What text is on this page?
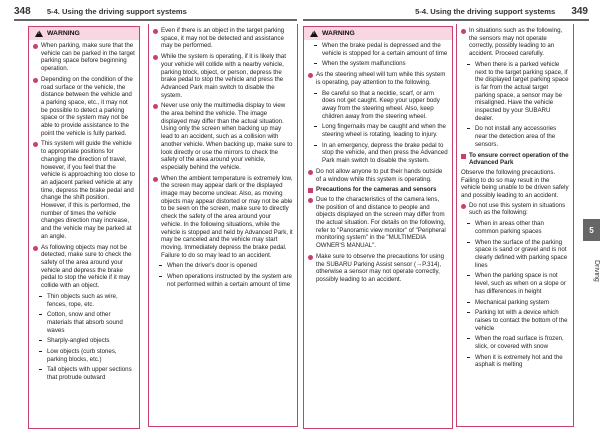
348 5-4. Using the driving support systems	5-4. Using the driving support systems 349
! WARNING
When parking, make sure that the vehicle can be parked in the target parking space before beginning operation.
Depending on the condition of the road surface or the vehicle, the distance between the vehicle and a parking space, etc., it may not be possible to detect a parking space or the system may not be able to provide assistance to the point the vehicle is fully parked.
This system will guide the vehicle to appropriate positions for changing the direction of travel, however, if you feel that the vehicle is approaching too close to an adjacent parked vehicle at any time, depress the brake pedal and change the shift position. However, if this is performed, the number of times the vehicle changes direction may increase, and the vehicle may be parked at an angle.
As following objects may not be detected, make sure to check the safety of the area around your vehicle and depress the brake pedal to stop the vehicle if it may collide with an object.
Thin objects such as wire, fences, rope, etc.
Cotton, snow and other materials that absorb sound waves
Sharply-angled objects
Low objects (curb stones, parking blocks, etc.)
Tall objects with upper sections that protrude outward
Even if there is an object in the target parking space, it may not be detected and assistance may be performed.
While the system is operating, if it is likely that your vehicle will collide with a nearby vehicle, parking block, object, or person, depress the brake pedal to stop the vehicle and press the Advanced Park main switch to disable the system.
Never use only the multimedia display to view the area behind the vehicle. The image displayed may differ than the actual situation. Using only the screen when backing up may lead to an accident, such as a collision with another vehicle. When backing up, make sure to look directly or use the mirrors to check the safety of the area around your vehicle, especially behind the vehicle.
When the ambient temperature is extremely low, the screen may appear dark or the displayed image may become unclear. Also, as moving objects may appear distorted or may not be able to be seen on the screen, make sure to directly check the safety of the area around your vehicle. In the following situations, while the vehicle is stopped and held by Advanced Park, it may be canceled and the vehicle may start moving. Immediately depress the brake pedal. Failure to do so may lead to an accident.
When the driver's door is opened
When operations instructed by the system are not performed within a certain amount of time
! WARNING
When the brake pedal is depressed and the vehicle is stopped for a certain amount of time
When the system malfunctions
As the steering wheel will turn while this system is operating, pay attention to the following.
Be careful so that a necktie, scarf, or arm does not get caught. Keep your upper body away from the steering wheel. Also, keep children away from the steering wheel.
Long fingernails may be caught and when the steering wheel is rotating, leading to injury.
In an emergency, depress the brake pedal to stop the vehicle, and then press the Advanced Park main switch to disable the system.
Do not allow anyone to put their hands outside of a window while this system is operating.
Precautions for the cameras and sensors
Due to the characteristics of the camera lens, the position of and distance to people and objects displayed on the screen may differ from the actual situation. For details on the following, refer to "Panoramic view monitor" of "Peripheral monitoring system" in the "MULTIMEDIA OWNER'S MANUAL".
Make sure to observe the precautions for using the SUBARU Parking Assist sensor (→P.314), otherwise a sensor may not operate correctly, possibly leading to an accident.
In situations such as the following, the sensors may not operate correctly, possibly leading to an accident. Proceed carefully.
When there is a parked vehicle next to the target parking space, if the displayed target parking space is far from the actual target parking space, a sensor may be misaligned. Have the vehicle inspected by your SUBARU dealer.
Do not install any accessories near the detection area of the sensors.
To ensure correct operation of the Advanced Park
Observe the following precautions.
Failing to do so may result in the vehicle being unable to be driven safely and possibly leading to an accident.
Do not use this system in situations such as the following:
When in areas other than common parking spaces
When the surface of the parking space is sand or gravel and is not clearly defined with parking space lines
When the parking space is not level, such as when on a slope or has differences in height
Mechanical parking system
Parking lot with a device which raises to contact the bottom of the vehicle
When the road surface is frozen, slick, or covered with snow
When it is extremely hot and the asphalt is melting
5
Driving
